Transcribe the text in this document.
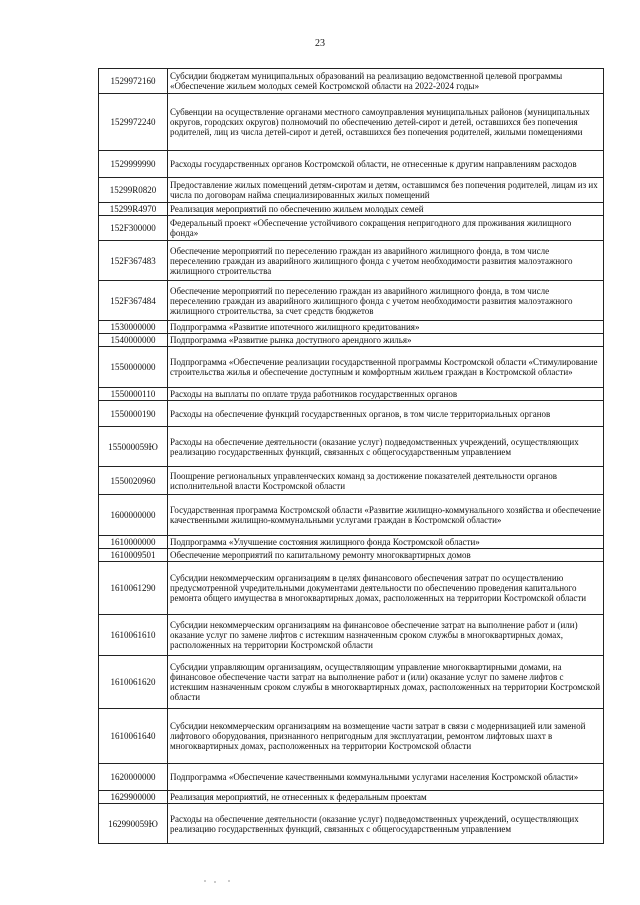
23
1529972160	Субсидии бюджетам муниципальных образований на реализацию ведомственной целевой программы «Обеспечение жильем молодых семей Костромской области на 2022-2024 годы»
1529972240	Субвенции на осуществление органами местного самоуправления муниципальных районов (муниципальных округов, городских округов) полномочий по обеспечению детей-сирот и детей, оставшихся без попечения родителей, лиц из числа детей-сирот и детей, оставшихся без попечения родителей, жилыми помещениями
1529999990	Расходы государственных органов Костромской области, не отнесенные к другим направлениям расходов
15299R0820	Предоставление жилых помещений детям-сиротам и детям, оставшимся без попечения родителей, лицам из их числа по договорам найма специализированных жилых помещений
15299R4970	Реализация мероприятий по обеспечению жильем молодых семей
152F300000	Федеральный проект «Обеспечение устойчивого сокращения непригодного для проживания жилищного фонда»
152F367483	Обеспечение мероприятий по переселению граждан из аварийного жилищного фонда, в том числе переселению граждан из аварийного жилищного фонда с учетом необходимости развития малоэтажного жилищного строительства
152F367484	Обеспечение мероприятий по переселению граждан из аварийного жилищного фонда, в том числе переселению граждан из аварийного жилищного фонда с учетом необходимости развития малоэтажного жилищного строительства, за счет средств бюджетов
1530000000	Подпрограмма «Развитие ипотечного жилищного кредитования»
1540000000	Подпрограмма «Развитие рынка доступного арендного жилья»
1550000000	Подпрограмма «Обеспечение реализации государственной программы Костромской области «Стимулирование строительства жилья и обеспечение доступным и комфортным жильем граждан в Костромской области»
1550000110	Расходы на выплаты по оплате труда работников государственных органов
1550000190	Расходы на обеспечение функций государственных органов, в том числе территориальных органов
155000059Ю	Расходы на обеспечение деятельности (оказание услуг) подведомственных учреждений, осуществляющих реализацию государственных функций, связанных с общегосударственным управлением
1550020960	Поощрение региональных управленческих команд за достижение показателей деятельности органов исполнительной власти Костромской области
1600000000	Государственная программа Костромской области «Развитие жилищно-коммунального хозяйства и обеспечение качественными жилищно-коммунальными услугами граждан в Костромской области»
1610000000	Подпрограмма «Улучшение состояния жилищного фонда Костромской области»
1610009501	Обеспечение мероприятий по капитальному ремонту многоквартирных домов
1610061290	Субсидии некоммерческим организациям в целях финансового обеспечения затрат по осуществлению предусмотренной учредительными документами деятельности по обеспечению проведения капитального ремонта общего имущества в многоквартирных домах, расположенных на территории Костромской области
1610061610	Субсидии некоммерческим организациям на финансовое обеспечение затрат на выполнение работ и (или) оказание услуг по замене лифтов с истекшим назначенным сроком службы в многоквартирных домах, расположенных на территории Костромской области
1610061620	Субсидии управляющим организациям, осуществляющим управление многоквартирными домами, на финансовое обеспечение части затрат на выполнение работ и (или) оказание услуг по замене лифтов с истекшим назначенным сроком службы в многоквартирных домах, расположенных на территории Костромской области
1610061640	Субсидии некоммерческим организациям на возмещение части затрат в связи с модернизацией или заменой лифтового оборудования, признанного непригодным для эксплуатации, ремонтом лифтовых шахт в многоквартирных домах, расположенных на территории Костромской области
1620000000	Подпрограмма «Обеспечение качественными коммунальными услугами населения Костромской области»
1629900000	Реализация мероприятий, не отнесенных к федеральным проектам
162990059Ю	Расходы на обеспечение деятельности (оказание услуг) подведомственных учреждений, осуществляющих реализацию государственных функций, связанных с общегосударственным управлением
